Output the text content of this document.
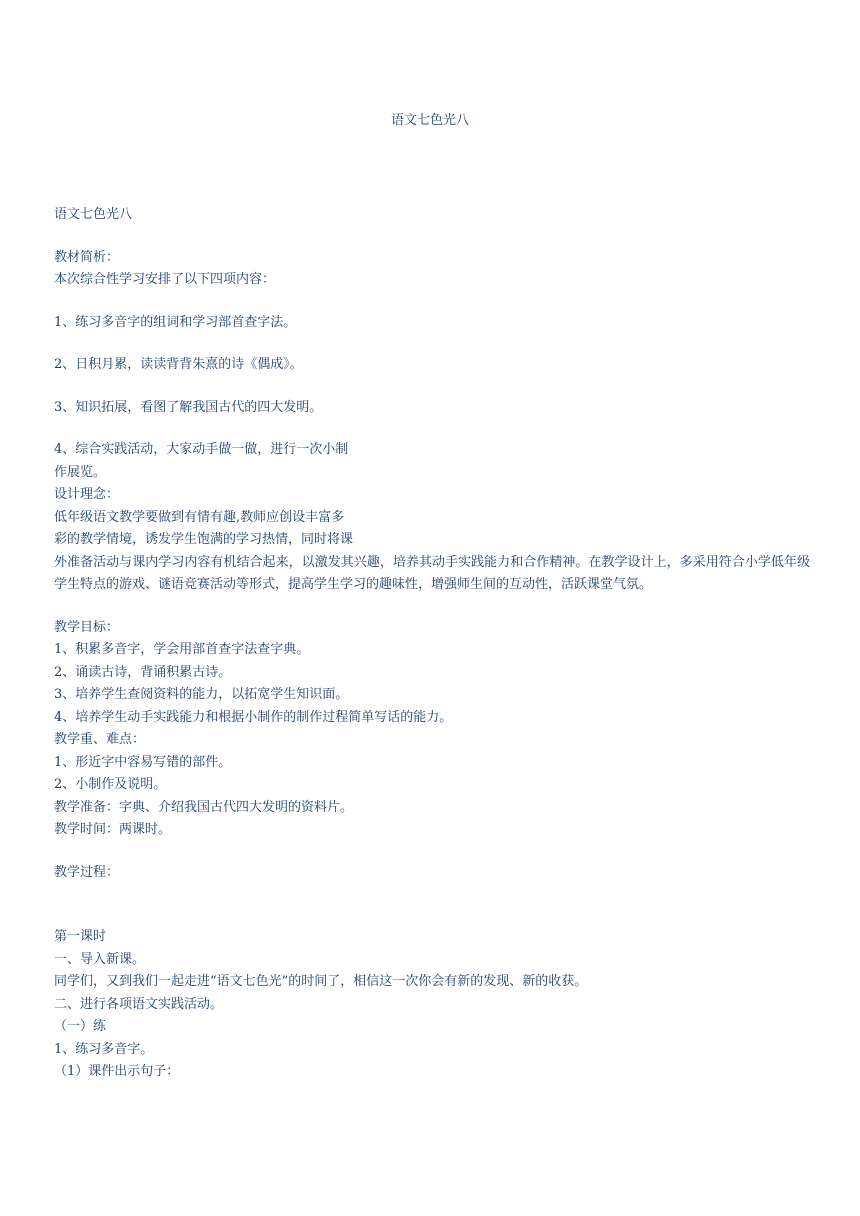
语文七色光八

语文七色光八

教材简析：

本次综合性学习安排了以下四项内容：

1、练习多音字的组词和学习部首查字法。

2、日积月累，读读背背朱熹的诗《偶成》。

3、知识拓展，看图了解我国古代的四大发明。

4、综合实践活动，大家动手做一做，进行一次小制

作展览。

设计理念：

低年级语文教学要做到有情有趣,教师应创设丰富多

彩的教学情境，诱发学生饱满的学习热情，同时将课

外准备活动与课内学习内容有机结合起来，以激发其兴趣，培养其动手实践能力和合作精神。在教学设计上，多采用符合小学低年级学生特点的游戏、谜语竞赛活动等形式，提高学生学习的趣味性，增强师生间的互动性，活跃课堂气氛。

教学目标：

1、积累多音字，学会用部首查字法查字典。

2、诵读古诗，背诵积累古诗。

3、培养学生查阅资料的能力，以拓宽学生知识面。

4、培养学生动手实践能力和根据小制作的制作过程简单写话的能力。

教学重、难点：

1、形近字中容易写错的部件。

2、小制作及说明。

教学准备：字典、介绍我国古代四大发明的资料片。

教学时间：两课时。

教学过程：

第一课时

一、导入新课。

同学们，又到我们一起走进“语文七色光”的时间了，相信这一次你会有新的发现、新的收获。

二、进行各项语文实践活动。

（一）练

1、练习多音字。

（1）课件出示句子：
